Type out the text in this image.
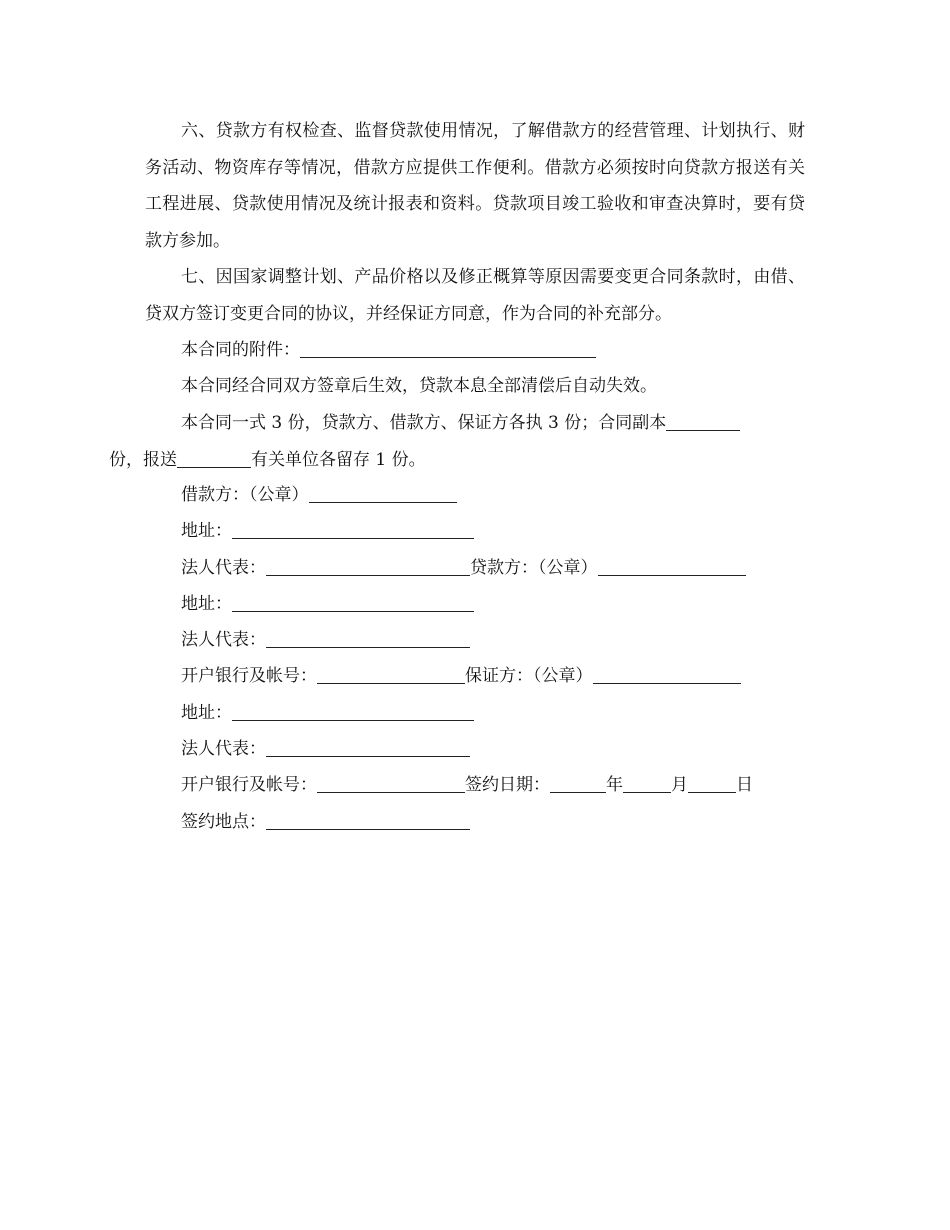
六、贷款方有权检查、监督贷款使用情况，了解借款方的经营管理、计划执行、财务活动、物资库存等情况，借款方应提供工作便利。借款方必须按时向贷款方报送有关工程进展、贷款使用情况及统计报表和资料。贷款项目竣工验收和审查决算时，要有贷款方参加。

七、因国家调整计划、产品价格以及修正概算等原因需要变更合同条款时，由借、贷双方签订变更合同的协议，并经保证方同意，作为合同的补充部分。

本合同的附件：

本合同经合同双方签章后生效，贷款本息全部清偿后自动失效。

本合同一式 3 份，贷款方、借款方、保证方各执 3 份；合同副本
份，报送	有关单位各留存 1 份。

借款方：（公章）

地址：

法人代表：	贷款方：（公章）

地址：

法人代表：

开户银行及帐号：	保证方：（公章）

地址：

法人代表：

开户银行及帐号：	签约日期：	年	月	日

签约地点：
